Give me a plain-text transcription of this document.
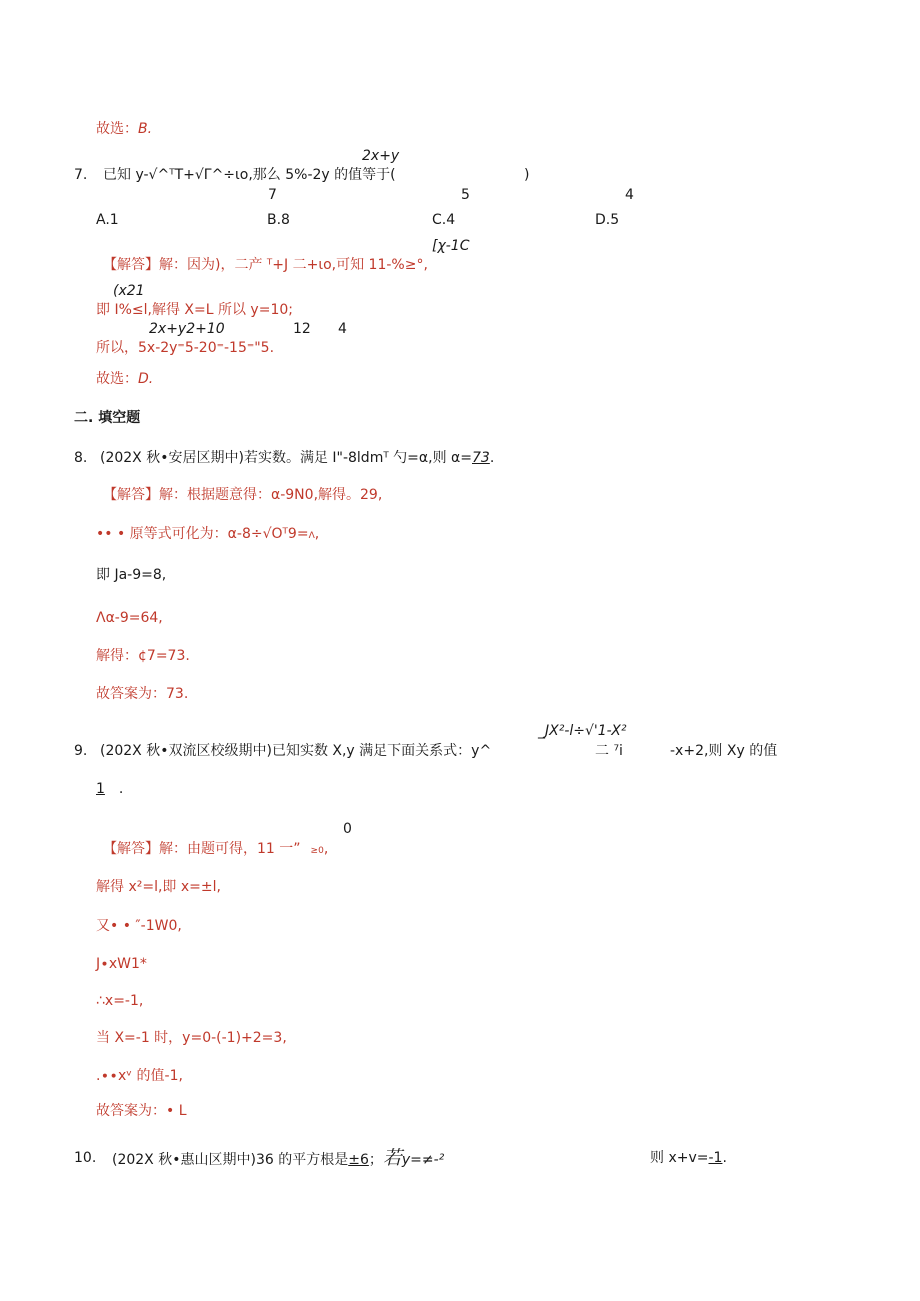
故选：B.
2x+y
7. 已知 y-√^ᵀT+√Γ^÷ιo,那么 5%-2y 的值等于(	)
7	5	4
A.1	B.8	C.4	D.5
[χ-1C
【解答】解：因为)，二产 ᵀ+J 二+ιo,可知 11-%≥°,
(x21
即 I%≤l,解得 X=L 所以 y=10;
2x+y2+10	12 4
所以，5x-2y⁼5-20⁼-15⁼"5.
故选：D.
二. 填空题
8. (202X 秋•安居区期中)若实数。满足 I"-8ldmᵀ 勺=α,则 α=73.
【解答】解：根据题意得：α-9N0,解得。29,
•• • 原等式可化为：α-8÷√Oᵀ9=Λ,
即 Ja-9=8,
Λα-9=64,
解得：¢7=73.
故答案为：73.
_JX²-l÷√'1-X²
9. (202X 秋•双流区校级期中)已知实数 X,y 满足下面关系式：y^	二 ⁷i	-x+2,则 Xy 的值
1 .
0
【解答】解：由题可得，11 一” ≥0,
解得 x²=l,即 x=±l,
又• • ″-1W0,
J∙xW1*
∴x=-1,
当 X=-1 时，y=0-(-1)+2=3,
.∙∙xᵛ 的值-1,
故答案为：• L
10. (202X 秋•惠山区期中)36 的平方根是±6；若y=≠-²	则 x+v=-1.
